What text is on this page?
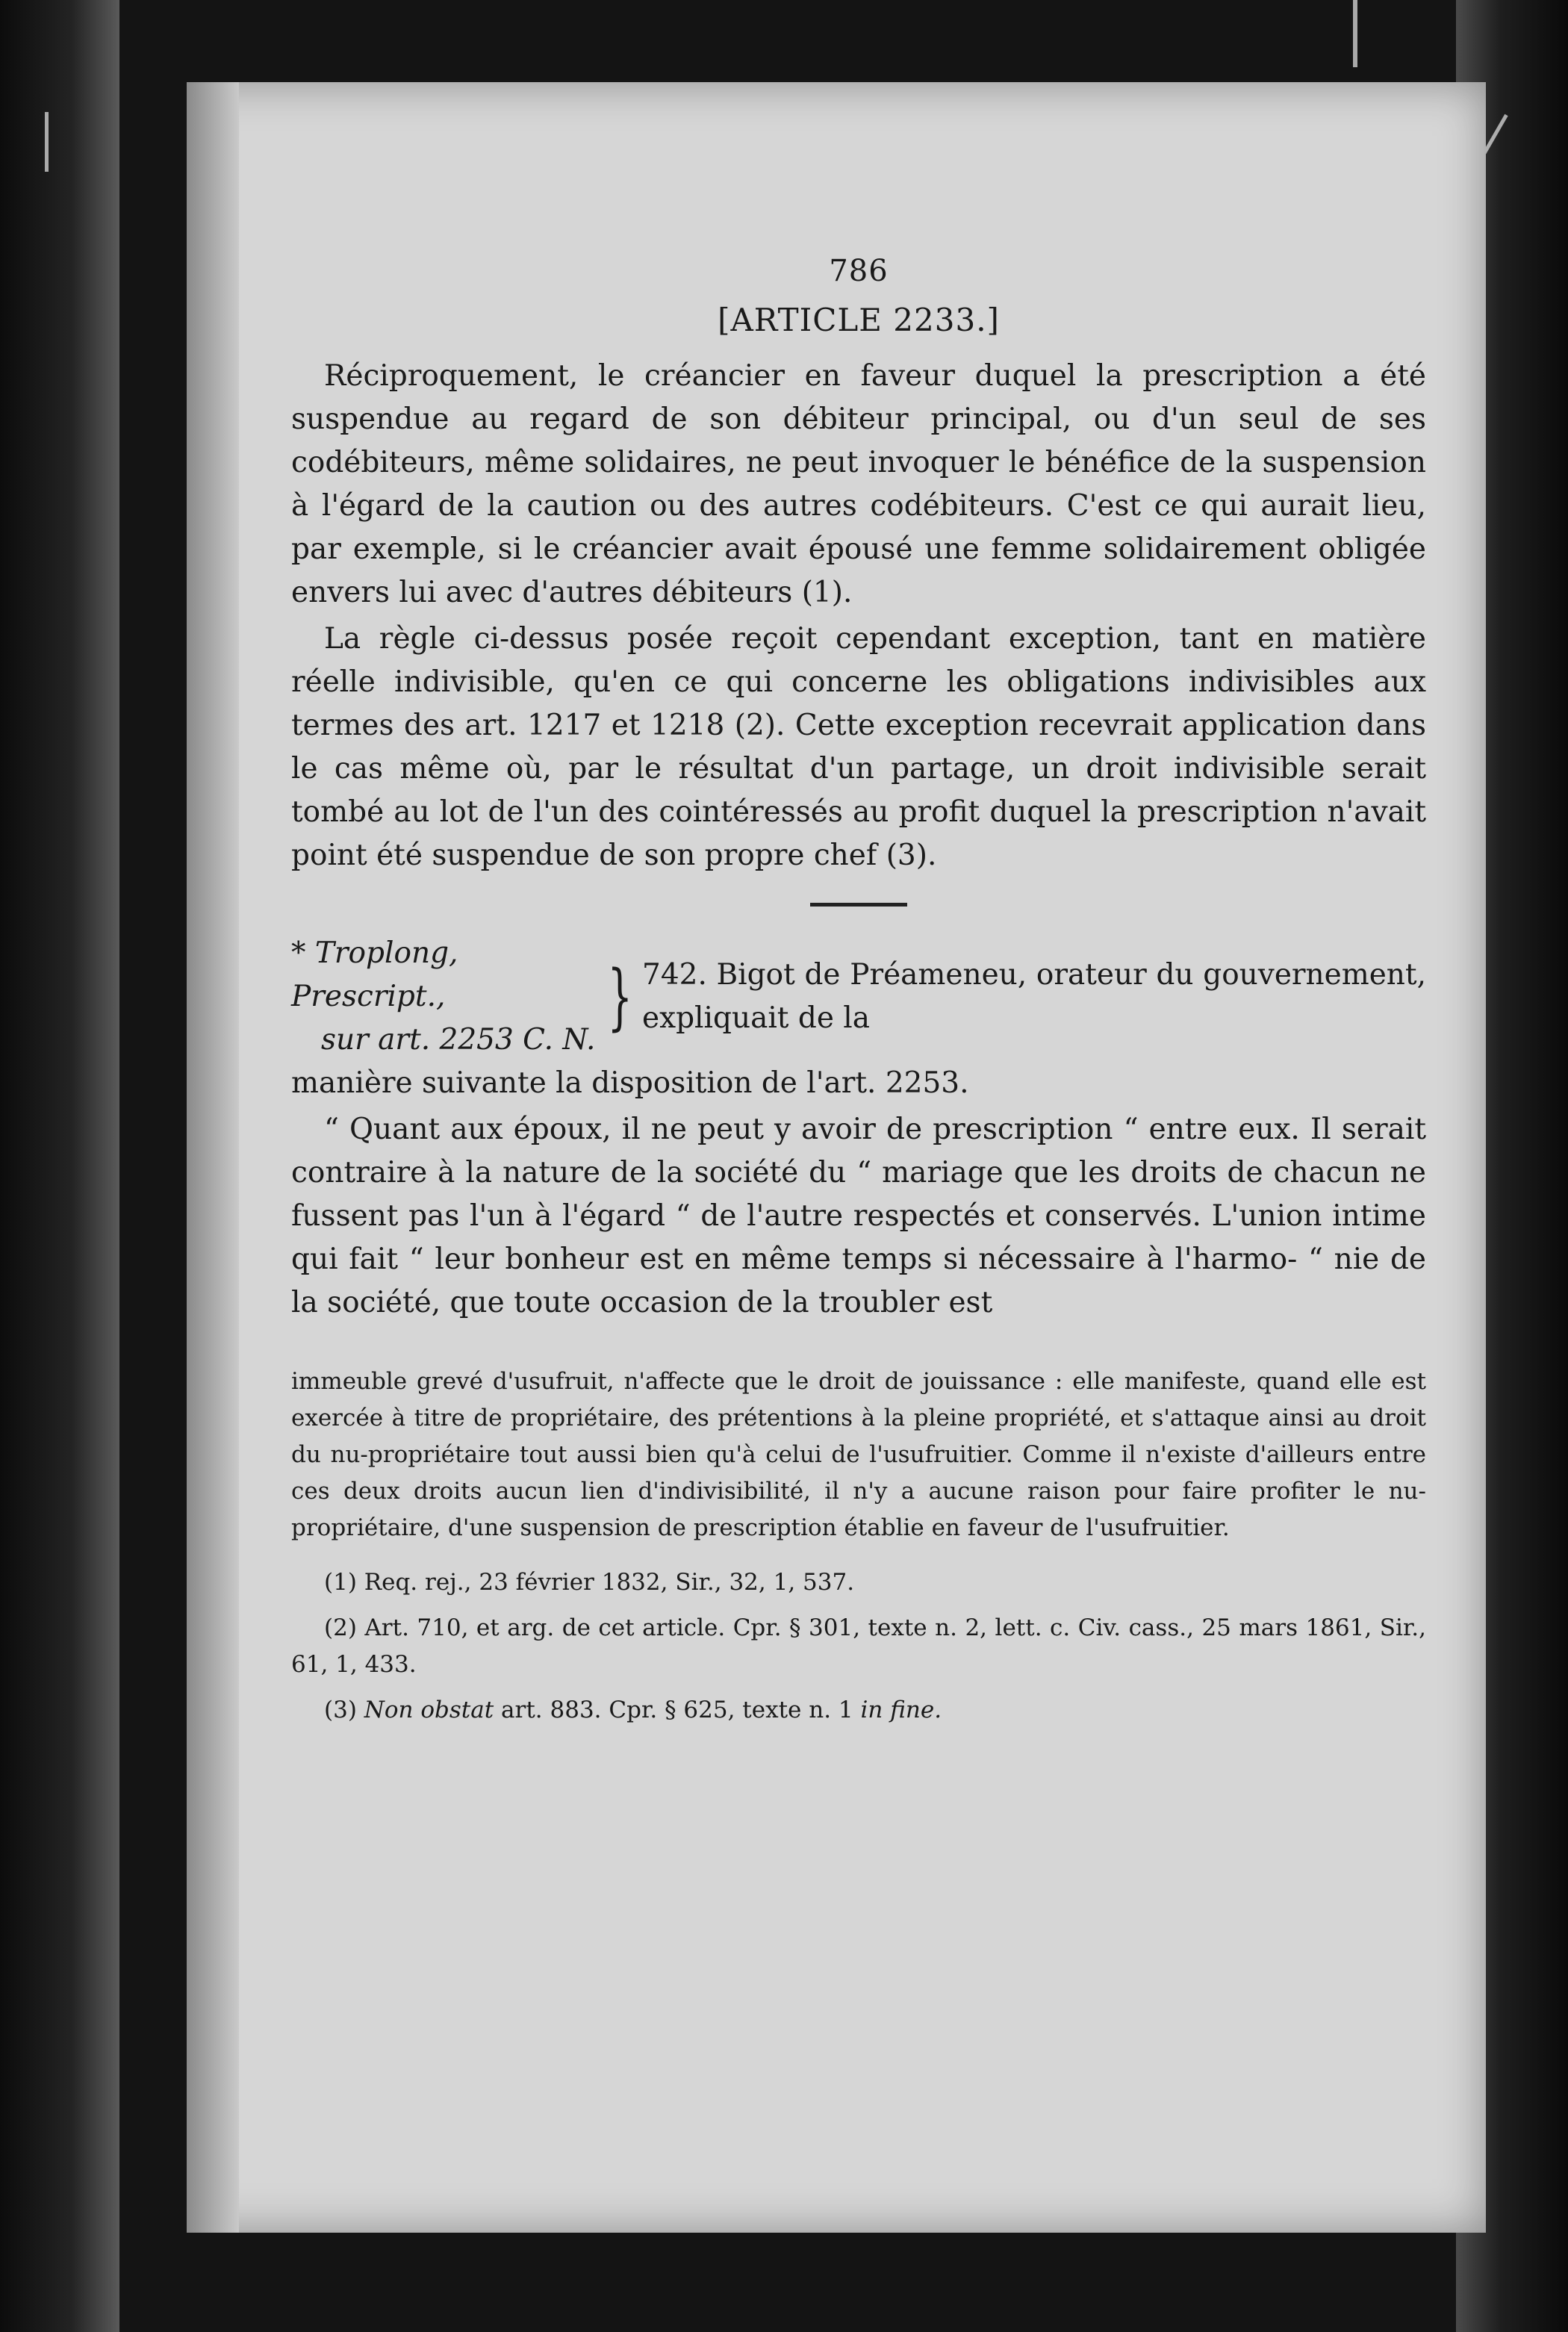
786
[ARTICLE 2233.]

Réciproquement, le créancier en faveur duquel la prescription a été suspendue au regard de son débiteur principal, ou d'un seul de ses codébiteurs, même solidaires, ne peut invoquer le bénéfice de la suspension à l'égard de la caution ou des autres codébiteurs. C'est ce qui aurait lieu, par exemple, si le créancier avait épousé une femme solidairement obligée envers lui avec d'autres débiteurs (1).

La règle ci-dessus posée reçoit cependant exception, tant en matière réelle indivisible, qu'en ce qui concerne les obligations indivisibles aux termes des art. 1217 et 1218 (2). Cette exception recevrait application dans le cas même où, par le résultat d'un partage, un droit indivisible serait tombé au lot de l'un des cointéressés au profit duquel la prescription n'avait point été suspendue de son propre chef (3).

* Troplong, Prescript.,
sur art. 2253 C. N.
} 742. Bigot de Préameneu, orateur du gouvernement, expliquait de la

manière suivante la disposition de l'art. 2253.

“ Quant aux époux, il ne peut y avoir de prescription “ entre eux. Il serait contraire à la nature de la société du “ mariage que les droits de chacun ne fussent pas l'un à l'égard “ de l'autre respectés et conservés. L'union intime qui fait “ leur bonheur est en même temps si nécessaire à l'harmo- “ nie de la société, que toute occasion de la troubler est

immeuble grevé d'usufruit, n'affecte que le droit de jouissance : elle manifeste, quand elle est exercée à titre de propriétaire, des prétentions à la pleine propriété, et s'attaque ainsi au droit du nu-propriétaire tout aussi bien qu'à celui de l'usufruitier. Comme il n'existe d'ailleurs entre ces deux droits aucun lien d'indivisibilité, il n'y a aucune raison pour faire profiter le nu-propriétaire, d'une suspension de prescription établie en faveur de l'usufruitier.

(1) Req. rej., 23 février 1832, Sir., 32, 1, 537.

(2) Art. 710, et arg. de cet article. Cpr. § 301, texte n. 2, lett. c. Civ. cass., 25 mars 1861, Sir., 61, 1, 433.

(3) Non obstat art. 883. Cpr. § 625, texte n. 1 in fine.
